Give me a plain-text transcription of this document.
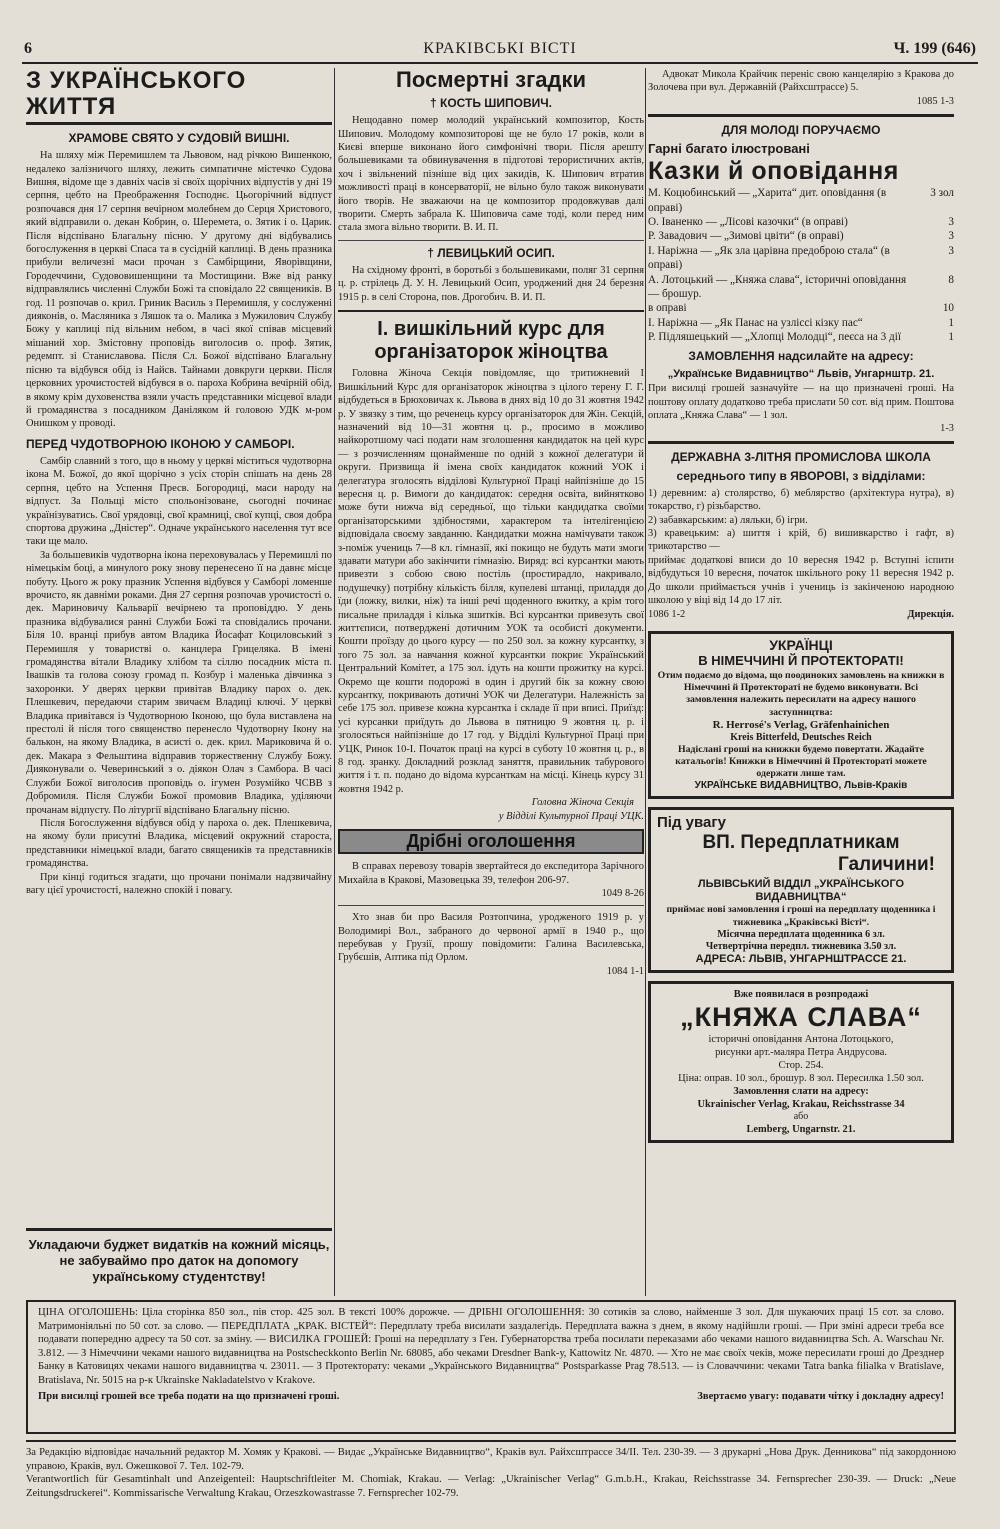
6	КРАКІВСЬКІ ВІСТІ	Ч. 199 (646)
З УКРАЇНСЬКОГО ЖИТТЯ
ХРАМОВЕ СВЯТО У СУДОВІЙ ВИШНІ.

На шляху між Перемишлем та Львовом, над річкою Вишенкою, недалеко залізничого шляху, лежить симпатичне містечко Судова Вишня, відоме ще з давніх часів зі своїх щорічних відпустів у дні 19 серпня, цебто на Преображення Господнє. Цьогорічний відпуст розпочався дня 17 серпня вечірном молебнем до Серця Христового, який відправили о. декан Кобрин, о. Шеремета, о. Зятик і о. Царик. Після відспівано Благальну пісню. У другому дні відбувались богослуження в церкві Спаса та в сусідній каплиці. В день празника прибули величезні маси прочан з Самбірщини, Яворівщини, Городеччини, Судововишенщини та Мостищини. Вже від ранку відправлялись численні Служби Божі та сповідало 22 священиків. В год. 11 розпочав о. крил. Гриник Василь з Перемишля, у сослуженні дияконів, о. Масляника з Ляшок та о. Малика з Мужилович Службу Божу у каплиці під вільним небом, в часі якої співав місцевий мішаний хор. Змістовну проповідь виголосив о. проф. Зятик, редемпт. зі Станиславова. Після Сл. Божої відспівано Благальну пісню та відбувся обід із Найсв. Тайнами довкруги церкви. Після церковних урочистостей відбувся в о. пароха Кобрина вечірній обід, в якому крім духовенства взяли участь представники місцевої влади й громадянства з посадником Даніляком й головою УДК м-ром Онишком у проводі.

ПЕРЕД ЧУДОТВОРНОЮ ІКОНОЮ У САМБОРІ.

Самбір славний з того, що в ньому у церкві міститься чудотворна ікона М. Божої, до якої щорічно з усіх сторін спішать на день 28 серпня, цебто на Успення Пресв. Богородиці, маси народу на відпуст. За Польщі місто спольонізоване, сьогодні починає українізуватись. Свої урядовці, свої крамниці, свої купці, своя добра спортова дружина „Дністер“. Одначе українського населення тут все таки ще мало.

За большевиків чудотворна ікона переховувалась у Перемишлі по німецькім боці, а минулого року знову перенесено її на давнє місце побуту. Цього ж року празник Успення відбувся у Самборі ломенше врочисто, як давніми роками. Дня 27 серпня розпочав урочистості о. дек. Мариновичу Кальварії вечірнею та проповіддю. У день празника відбувалися ранні Служби Божі та сповідались прочани. Біля 10. вранці прибув автом Владика Йосафат Коциловський з Перемишля у товаристві о. канцлера Грицеляка. В імені громадянства вітали Владику хлібом та сіллю посадник міста п. Івашків та голова союзу громад п. Козбур і маленька дівчинка з захоронки. У дверях церкви привітав Владику парох о. дек. Плешкевич, передаючи старим звичаєм Владиці ключі. У церкві Владика привітався із Чудотворною Іконою, що була виставлена на престолі й після того священство перенесло Чудотворну Ікону на балькон, на якому Владика, в асисті о. дек. крил. Мариковича й о. дек. Макара з Фельштина відправив торжественну Службу Божу. Дияконували о. Чеверинський з о. діякон Олач з Самбора. В часі Служби Божої виголосив проповідь о. ігумен Розумійко ЧСВВ з Добромиля. Після Служби Божої промовив Владика, уділяючи прочанам відпусту. По літургії відспівано Благальну пісню.

Після Богослуження відбувся обід у пароха о. дек. Плешкевича, на якому були присутні Владика, місцевий окружний староста, представники німецької влади, багато священиків та представників громадянства.

При кінці годиться згадати, що прочани понімали надзвичайну вагу цієї урочистості, належно спокій і повагу.

Укладаючи буджет видатків на кожний місяць, не забуваймо про даток на допомогу українському студентству!
Посмертні згадки
† КОСТЬ ШИПОВИЧ.

Нещодавно помер молодий український композитор, Кость Шипович. Молодому композиторові ще не було 17 років, коли в Києві вперше виконано його симфонічні твори. Після арешту большевиками та обвинувачення в підготові терористичних актів, хоч і звільнений пізніше від цих закидів, К. Шипович втратив можливості праці в консерваторії, не вільно було також виконувати його творів. Не зважаючи на це композитор продовжував далі творити. Смерть забрала К. Шиповича саме тоді, коли перед ним стала змога вільно творити. В. И. П.

† ЛЕВИЦЬКИЙ ОСИП.

На східному фронті, в боротьбі з большевиками, поляг 31 серпня ц. р. стрілець Д. У. Н. Левицький Осип, уроджений дня 24 березня 1915 р. в селі Сторона, пов. Дрогобич. В. И. П.

І. вишкільний курс для організаторок жіноцтва

Головна Жіноча Секція повідомляє, що тритижневий І Вишкільний Курс для організаторок жіноцтва з цілого терену Г. Г. відбудеться в Брюховичах к. Львова в днях від 10 до 31 жовтня 1942 р. У звязку з тим, що реченець курсу організаторок для Жін. Секцій, назначений від 10—31 жовтня ц. р., просимо в можливо найкоротшому часі подати нам зголошення кандидаток на цей курс — з розчисленням щонайменше по одній з кожної делегатури й округи. Призвища й імена своїх кандидаток кожний УОК і делегатура зголосять відділові Культурної Праці найпізніше до 15 вересня ц. р. Вимоги до кандидаток: середня освіта, вийнятково може бути нижча від середньої, що тільки кандидатка своїми організаторськими здібностями, характером та інтелігенцією відповідала своєму завданню. Кандидатки можна намічувати також з-поміж учениць 7—8 кл. гімназії, які покищо не будуть мати змоги здавати матури або закінчити гімназію. Виряд: всі курсантки мають привезти з собою свою постіль (простирадло, накривало, подушечку) потрібну кількість білля, купелеві штанці, приладдя до їди (ложку, вилки, ніж) та інші речі щоденного вжитку, а крім того писальне приладдя і кілька зшитків. Всі курсантки привезуть свої життєписи, потверджені дотичним УОК та особисті документи. Кошти проїзду до цього курсу — по 250 зол. за кожну курсантку, з того 75 зол. за навчання кожної курсантки покриє Український Центральний Комітет, а 175 зол. ідуть на кошти прожитку на курсі. Окремо ще кошти подорожі в один і другий бік за кожну свою курсантку, покривають дотичні УОК чи Делегатури. Належність за себе 175 зол. привезе кожна курсантка і складе її при вписі. Приїзд: усі курсанки приїдуть до Львова в пятницю 9 жовтня ц. р. і зголосяться найпізніше до 17 год. у Відділі Культурної Праці при УЦК, Ринок 10-І. Початок праці на курсі в суботу 10 жовтня ц. р., в 8 год. зранку. Докладний розклад заняття, правильник табурового життя і т. п. подано до відома курсанткам на місці. Кінець курсу 31 жовтня 1942 р.

Головна Жіноча Секція
у Відділі Культурної Праці УЦК.
Дрібні оголошення

В справах перевозу товарів звертайтеся до експедитора Зарічного Михайла в Кракові, Мазовецька 39, телефон 206-97.

1049 8-26

Хто знав би про Василя Розтопчина, уродженого 1919 р. у Володимирі Вол., забраного до червоної армії в 1940 р., що перебував у Грузії, прошу повідомити: Галина Василевська, Грубєшів, Аптика під Орлом.

1084 1-1

Адвокат Микола Крайчик переніс свою канцелярію з Кракова до Золочева при вул. Державній (Райхсштрассе) 5.

1085 1-3
ДЛЯ МОЛОДІ ПОРУЧАЄМО
Гарні багато ілюстровані
Казки й оповідання
М. Коцюбинський — „Харита“ дит. оповідання (в оправі)
3 зол
О. Іваненко — „Лісові казочки“ (в оправі)	3
Р. Завадович — „Зимові цвіти“ (в оправі)	3
І. Наріжна — „Як зла царівна предоброю стала“ (в оправі)
3
А. Лотоцький — „Княжа слава“, історичні оповідання — брошур.
8
в оправі	10
І. Наріжна — „Як Панас на узліссі кізку пас“	1
Р. Підляшецький — „Хлопці Молодці“, пеєса на 3 дії	1
ЗАМОВЛЕННЯ надсилайте на адресу:
„Українське Видавництво“ Львів, Унгарнштр. 21.

При висилці грошей зазначуйте — на що призначені гроші. На поштову оплату додатково треба прислати 50 сот. від прим. Поштова оплата „Княжа Слава“ — 1 зол.

1-3
ДЕРЖАВНА 3-ЛІТНЯ ПРОМИСЛОВА ШКОЛА
середнього типу в ЯВОРОВІ, з відділами:

1) деревним: а) столярство, б) меблярство (архітектура нутра), в) токарство, г) різьбарство.

2) забавкарським: а) ляльки, б) ігри.

3) кравецьким: а) шиття і крій, б) вишивкарство і гафт, в) трикотарство —

приймає додаткові вписи до 10 вересня 1942 р. Вступні іспити відбудуться 10 вересня, початок шкільного року 11 вересня 1942 р. До школи приймається учнів і учениць із закінченою народною школою у віці від 14 до 17 літ.

1086 1-2	Дирекція.
УКРАЇНЦІ
В НІМЕЧЧИНІ Й ПРОТЕКТОРАТІ!
Отим подаємо до відома, що поодиноких замовлень на книжки в Німеччині й Протектораті не будемо виконувати. Всі замовлення належить пересилати на адресу нашого заступництва:
R. Herrosé's Verlag, Gräfenhainichen
Kreis Bitterfeld, Deutsches Reich
Надіслані гроші на книжки будемо повертати. Жадайте катальогів! Книжки в Німеччині й Протектораті можете одержати лише там.
УКРАЇНСЬКЕ ВИДАВНИЦТВО, Львів-Краків
Під увагу
ВП. Передплатникам
Галичини!
ЛЬВІВСЬКИЙ ВІДДІЛ „УКРАЇНСЬКОГО
ВИДАВНИЦТВА“
приймає нові замовлення і гроші на передплату щоденника і тижневика „Краківські Вісті“.
Місячна передплата щоденника 6 зл.
Четвертрічна передпл. тижневика 3.50 зл.
АДРЕСА: ЛЬВІВ, УНГАРНШТРАССЕ 21.
Вже появилася в розпродажі
„КНЯЖА СЛАВА“
історичні оповідання Антона Лотоцького,
рисунки арт.-маляра Петра Андрусова.
Стор. 254.
Ціна: оправ. 10 зол., брошур. 8 зол. Пересилка 1.50 зол.
Замовлення слати на адресу:
Ukrainischer Verlag, Krakau, Reichsstrasse 34
або
Lemberg, Ungarnstr. 21.

ЦІНА ОГОЛОШЕНЬ: Ціла сторінка 850 зол., пів стор. 425 зол. В тексті 100% дорожче. — ДРІБНІ ОГОЛОШЕННЯ: 30 сотиків за слово, найменше 3 зол. Для шукаючих праці 15 сот. за слово. Матримоніяльні по 50 сот. за слово. — ПЕРЕДПЛАТА „КРАК. ВІСТЕЙ“: Передплату треба висилати заздалегідь. Передплата важна з днем, в якому надійшли гроші. — При зміні адреси треба все подавати попередню адресу та 50 сот. за зміну. — ВИСИЛКА ГРОШЕЙ: Гроші на передплату з Ген. Губернаторства треба посилати переказами або чеками нашого видавництва Sch. A. Warschau Nr. 3.812. — З Німеччини чеками нашого видавництва на Postscheckkonto Berlin Nr. 68085, або чеками Dresdner Bank-у, Kattowitz Nr. 4870. — Хто не має своїх чеків, може пересилати гроші до Дрезднер Банку в Катовицях чеками нашого видавництва ч. 23011. — З Протекторату: чеками „Українського Видавництва“ Postsparkasse Prag 78.513. — із Словаччини: чеками Tatra banka filialka v Bratislave, Bratislava, Nr. 5015 на р-к Ukrainske Nakladatelstvo v Krakove.

При висилці грошей все треба подати на що призначені гроші.	Звертаємо увагу: подавати чітку і докладну адресу!

За Редакцію відповідає начальний редактор М. Хомяк у Кракові. — Видає „Українське Видавництво“, Краків вул. Райхсштрассе 34/II. Тел. 230-39. — З друкарні „Нова Друк. Денникова“ під закордонною управою, Краків, вул. Ожешкової 7. Тел. 102-79.

Verantwortlich für Gesamtinhalt und Anzeigenteil: Hauptschriftleiter M. Chomiak, Krakau. — Verlag: „Ukrainischer Verlag“ G.m.b.H., Krakau, Reichsstrasse 34. Fernsprecher 230-39. — Druck: „Neue Zeitungsdruckerei“. Kommissarische Verwaltung Krakau, Orzeszkowastrasse 7. Fernsprecher 102-79.
